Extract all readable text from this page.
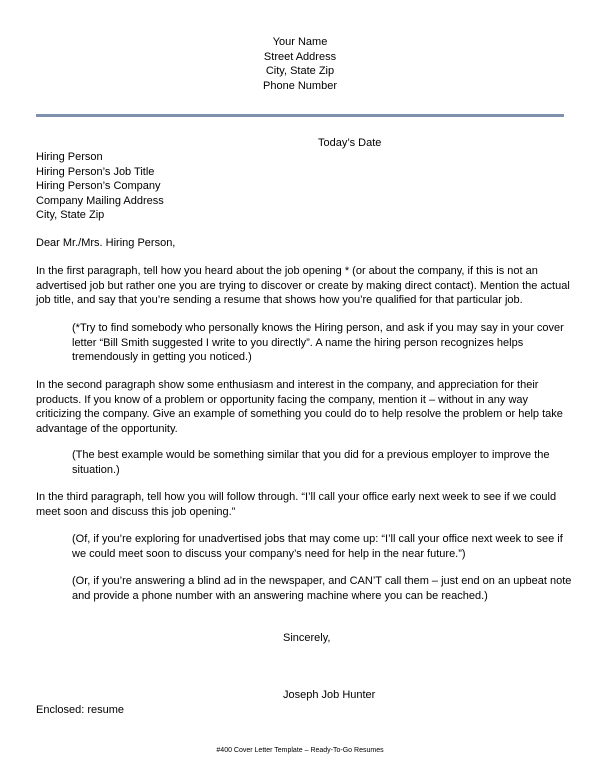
Your Name
Street Address
City, State Zip
Phone Number
Today’s Date
Hiring Person
Hiring Person’s Job Title
Hiring Person’s Company
Company Mailing Address
City, State Zip
Dear Mr./Mrs. Hiring Person,
In the first paragraph, tell how you heard about the job opening * (or about the company, if this is not an
advertised job but rather one you are trying to discover or create by making direct contact). Mention the actual
job title, and say that you’re sending a resume that shows how you’re qualified for that particular job.
(*Try to find somebody who personally knows the Hiring person, and ask if you may say in your cover
letter “Bill Smith suggested I write to you directly”. A name the hiring person recognizes helps
tremendously in getting you noticed.)
In the second paragraph show some enthusiasm and interest in the company, and appreciation for their
products. If you know of a problem or opportunity facing the company, mention it – without in any way
criticizing the company. Give an example of something you could do to help resolve the problem or help take
advantage of the opportunity.
(The best example would be something similar that you did for a previous employer to improve the
situation.)
In the third paragraph, tell how you will follow through. “I’ll call your office early next week to see if we could
meet soon and discuss this job opening.”
(Of, if you’re exploring for unadvertised jobs that may come up: “I’ll call your office next week to see if
we could meet soon to discuss your company’s need for help in the near future.”)
(Or, if you’re answering a blind ad in the newspaper, and CAN’T call them – just end on an upbeat note
and provide a phone number with an answering machine where you can be reached.)
Sincerely,
Joseph Job Hunter
Enclosed: resume
#400 Cover Letter Template – Ready-To-Go Resumes
